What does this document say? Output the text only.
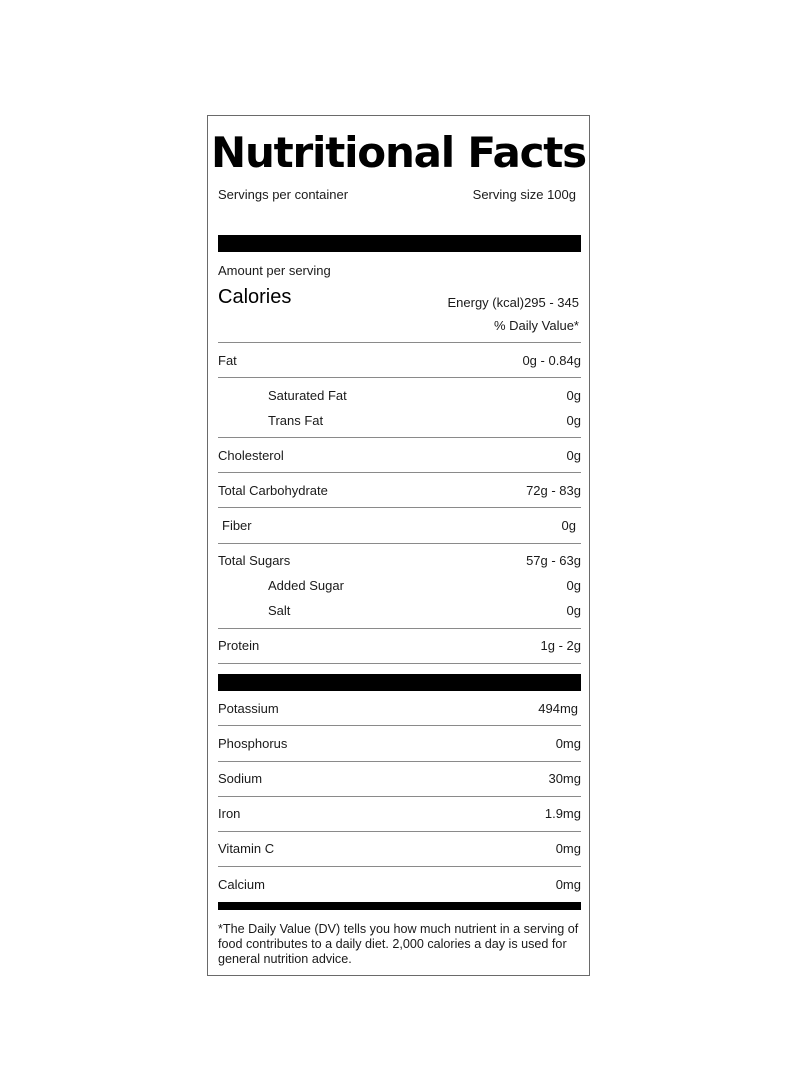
Nutritional Facts
Servings per container	Serving size 100g
Amount per serving
Calories	Energy (kcal)295 - 345
% Daily Value*
Fat	0g - 0.84g
Saturated Fat	0g
Trans Fat	0g
Cholesterol	0g
Total Carbohydrate	72g - 83g
Fiber	0g
Total Sugars	57g - 63g
Added Sugar	0g
Salt	0g
Protein	1g - 2g
Potassium	494mg
Phosphorus	0mg
Sodium	30mg
Iron	1.9mg
Vitamin C	0mg
Calcium	0mg
*The Daily Value (DV) tells you how much nutrient in a serving of food contributes to a daily diet. 2,000 calories a day is used for general nutrition advice.
